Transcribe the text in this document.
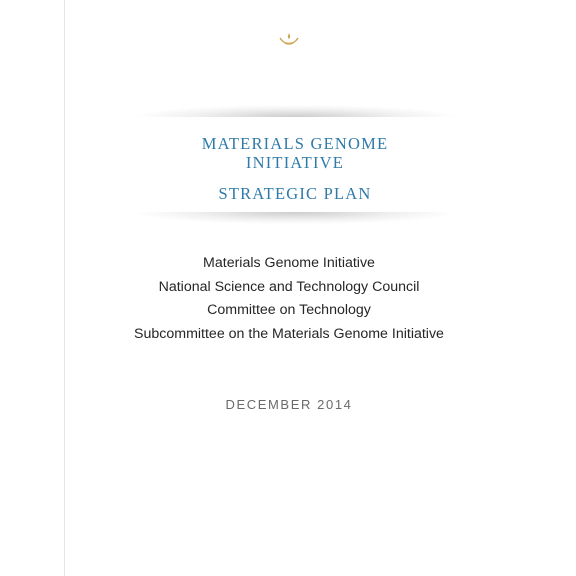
MATERIALS GENOME
INITIATIVE
STRATEGIC PLAN
Materials Genome Initiative
National Science and Technology Council
Committee on Technology
Subcommittee on the Materials Genome Initiative
DECEMBER 2014
